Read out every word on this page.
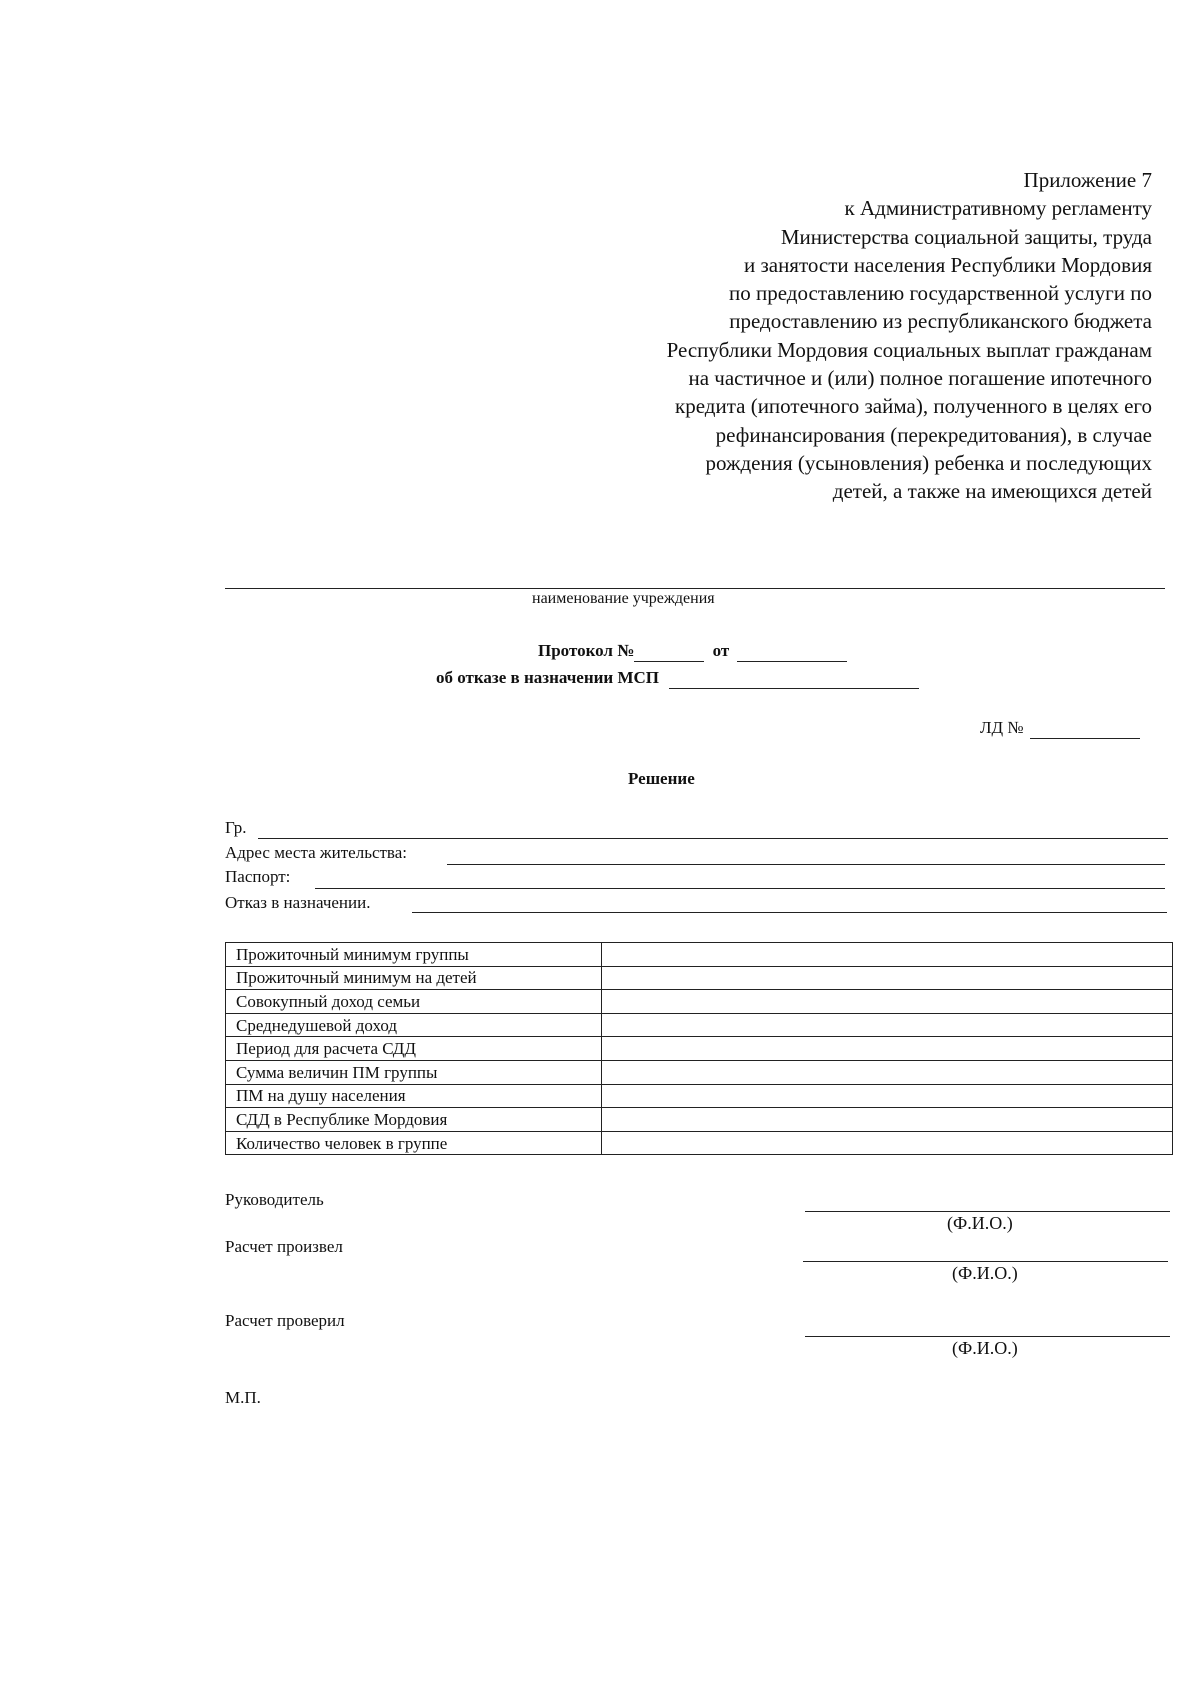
Приложение 7
к Административному регламенту
Министерства социальной защиты, труда
и занятости населения Республики Мордовия
по предоставлению государственной услуги по
предоставлению из республиканского бюджета
Республики Мордовия социальных выплат гражданам
на частичное и (или) полное погашение ипотечного
кредита (ипотечного займа), полученного в целях его
рефинансирования (перекредитования), в случае
рождения (усыновления) ребенка и последующих
детей, а также на имеющихся детей
наименование учреждения
Протокол №	от
об отказе в назначении МСП
ЛД №
Решение
Гр.
Адрес места жительства:
Паспорт:
Отказ в назначении.
Прожиточный минимум группы	
Прожиточный минимум на детей	
Совокупный доход семьи	
Среднедушевой доход	
Период для расчета СДД	
Сумма величин ПМ группы	
ПМ на душу населения	
СДД в Республике Мордовия	
Количество человек в группе	
Руководитель
(Ф.И.О.)
Расчет произвел
(Ф.И.О.)
Расчет проверил
(Ф.И.О.)
М.П.
